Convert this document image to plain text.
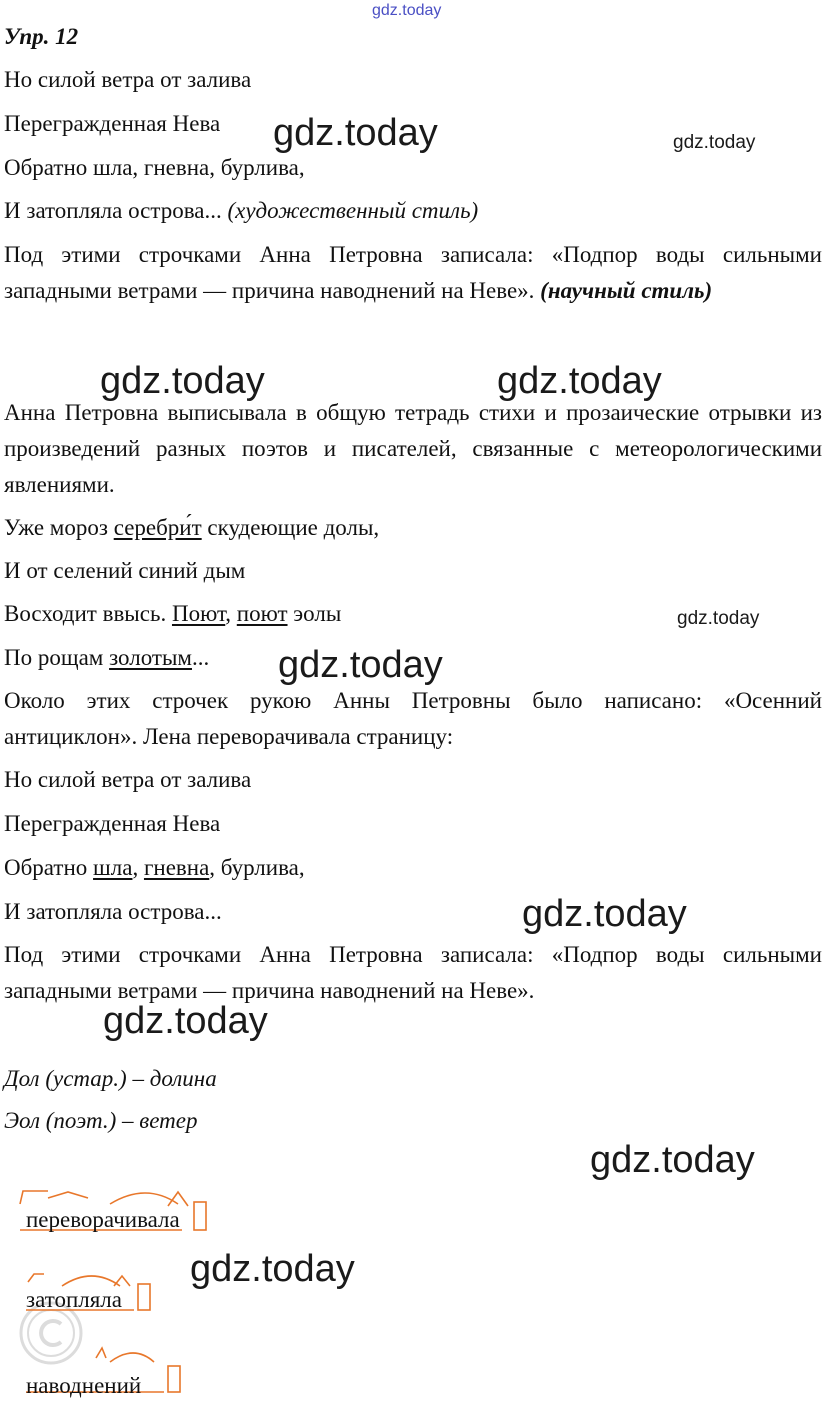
gdz.today
gdz.today	gdz.today
gdz.today	gdz.today
gdz.today
gdz.today
gdz.today
gdz.today
gdz.today
gdz.today
Упр. 12
Но силой ветра от залива
Перегражденная Нева
Обратно шла, гневна, бурлива,
И затопляла острова... (художественный стиль)
Под этими строчками Анна Петровна записала: «Подпор воды сильными западными ветрами — причина наводнений на Неве». (научный стиль)
Анна Петровна выписывала в общую тетрадь стихи и прозаические отрывки из произведений разных поэтов и писателей, связанные с метеорологическими явлениями.
Уже мороз серебри́т скудеющие долы,
И от селений синий дым
Восходит ввысь. Поют, поют эолы
По рощам золотым...
Около этих строчек рукою Анны Петровны было написано: «Осенний антициклон». Лена переворачивала страницу:
Но силой ветра от залива
Перегражденная Нева
Обратно шла, гневна, бурлива,
И затопляла острова...
Под этими строчками Анна Петровна записала: «Подпор воды сильными западными ветрами — причина наводнений на Неве».
Дол (устар.) – долина
Эол (поэт.) – ветер
переворачивала
затопляла
наводнений
